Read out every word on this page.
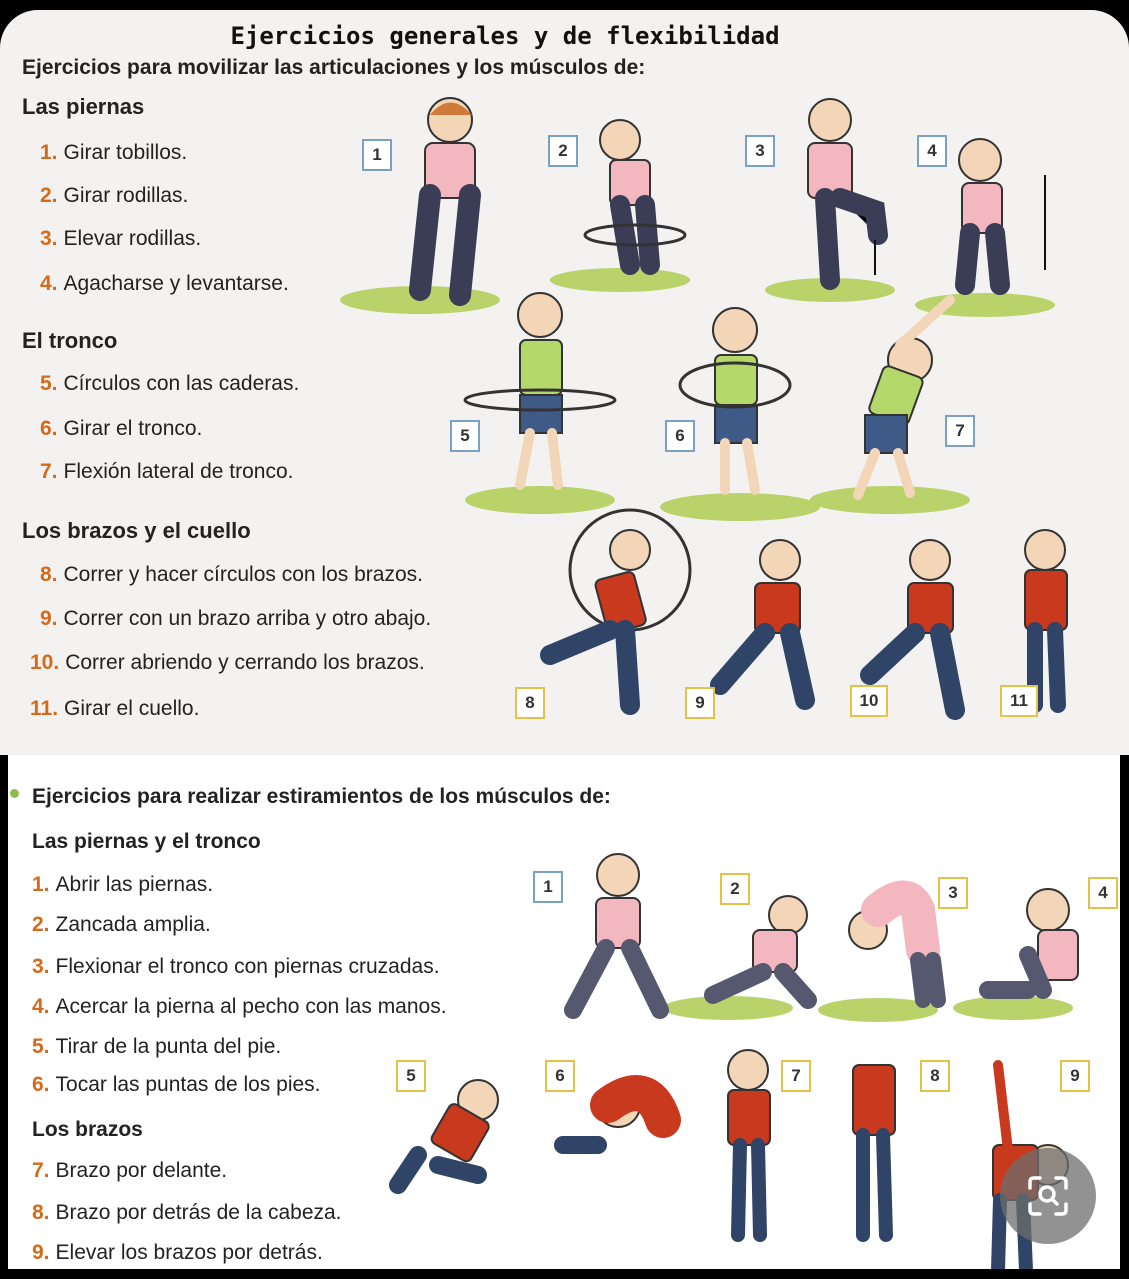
Ejercicios generales y de flexibilidad
Ejercicios para movilizar las articulaciones y los músculos de:
Las piernas
1. Girar tobillos.
2. Girar rodillas.
3. Elevar rodillas.
4. Agacharse y levantarse.
El tronco
5. Círculos con las caderas.
6. Girar el tronco.
7. Flexión lateral de tronco.
Los brazos y el cuello
8. Correr y hacer círculos con los brazos.
9. Correr con un brazo arriba y otro abajo.
10. Correr abriendo y cerrando los brazos.
11. Girar el cuello.
1	2	3	4
5	6	7
8	9	10	11
Ejercicios para realizar estiramientos de los músculos de:
Las piernas y el tronco
1. Abrir las piernas.
2. Zancada amplia.
3. Flexionar el tronco con piernas cruzadas.
4. Acercar la pierna al pecho con las manos.
5. Tirar de la punta del pie.
6. Tocar las puntas de los pies.
Los brazos
7. Brazo por delante.
8. Brazo por detrás de la cabeza.
9. Elevar los brazos por detrás.
1	2	3	4
5	6	7	8	9
